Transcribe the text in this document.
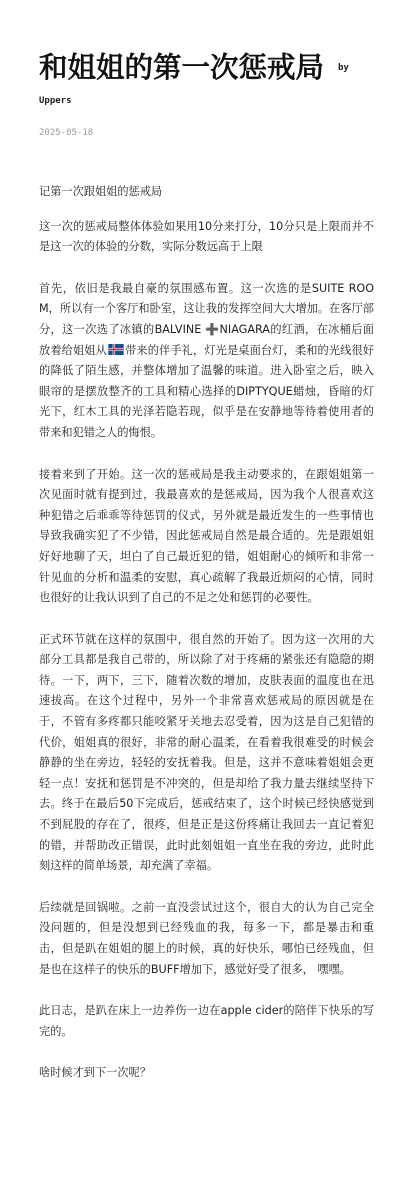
和姐姐的第一次惩戒局 by
Uppers
2025-05-18

记第一次跟姐姐的惩戒局

这一次的惩戒局整体体验如果用10分来打分，10分只是上限而并不是这一次的体验的分数，实际分数远高于上限

首先，依旧是我最自豪的氛围感布置。这一次选的是SUITE ROOM，所以有一个客厅和卧室，这让我的发挥空间大大增加。在客厅部分，这一次选了冰镇的BALVINE ➕NIAGARA的红酒，在冰桶后面放着给姐姐从 带来的伴手礼，灯光是桌面台灯，柔和的光线很好的降低了陌生感，并整体增加了温馨的味道。进入卧室之后，映入眼帘的是摆放整齐的工具和精心选择的DIPTYQUE蜡烛，昏暗的灯光下，红木工具的光泽若隐若现，似乎是在安静地等待着使用者的带来和犯错之人的悔恨。

接着来到了开始。这一次的惩戒局是我主动要求的，在跟姐姐第一次见面时就有提到过，我最喜欢的是惩戒局，因为我个人很喜欢这种犯错之后乖乖等待惩罚的仪式，另外就是最近发生的一些事情也导致我确实犯了不少错，因此惩戒局自然是最合适的。先是跟姐姐好好地聊了天，坦白了自己最近犯的错，姐姐耐心的倾听和非常一针见血的分析和温柔的安慰，真心疏解了我最近烦闷的心情，同时也很好的让我认识到了自己的不足之处和惩罚的必要性。

正式环节就在这样的氛围中，很自然的开始了。因为这一次用的大部分工具都是我自己带的，所以除了对于疼痛的紧张还有隐隐的期待。一下，两下，三下，随着次数的增加，皮肤表面的温度也在迅速拔高。在这个过程中，另外一个非常喜欢惩戒局的原因就是在于，不管有多疼都只能咬紧牙关地去忍受着，因为这是自己犯错的代价，姐姐真的很好，非常的耐心温柔，在看着我很难受的时候会静静的坐在旁边，轻轻的安抚着我。但是，这并不意味着姐姐会更轻一点！安抚和惩罚是不冲突的，但是却给了我力量去继续坚持下去。终于在最后50下完成后，惩戒结束了，这个时候已经快感觉到不到屁股的存在了，很疼，但是正是这份疼痛让我回去一直记着犯的错，并帮助改正错误，此时此刻姐姐一直坐在我的旁边，此时此刻这样的简单场景，却充满了幸福。

后续就是回锅啦。之前一直没尝试过这个，很自大的认为自己完全没问题的，但是没想到已经残血的我，每多一下，都是暴击和重击，但是趴在姐姐的腿上的时候，真的好快乐，哪怕已经残血，但是也在这样子的快乐的BUFF增加下，感觉好受了很多， 嘿嘿。

此日志，是趴在床上一边养伤一边在apple cider的陪伴下快乐的写完的。

啥时候才到下一次呢？
